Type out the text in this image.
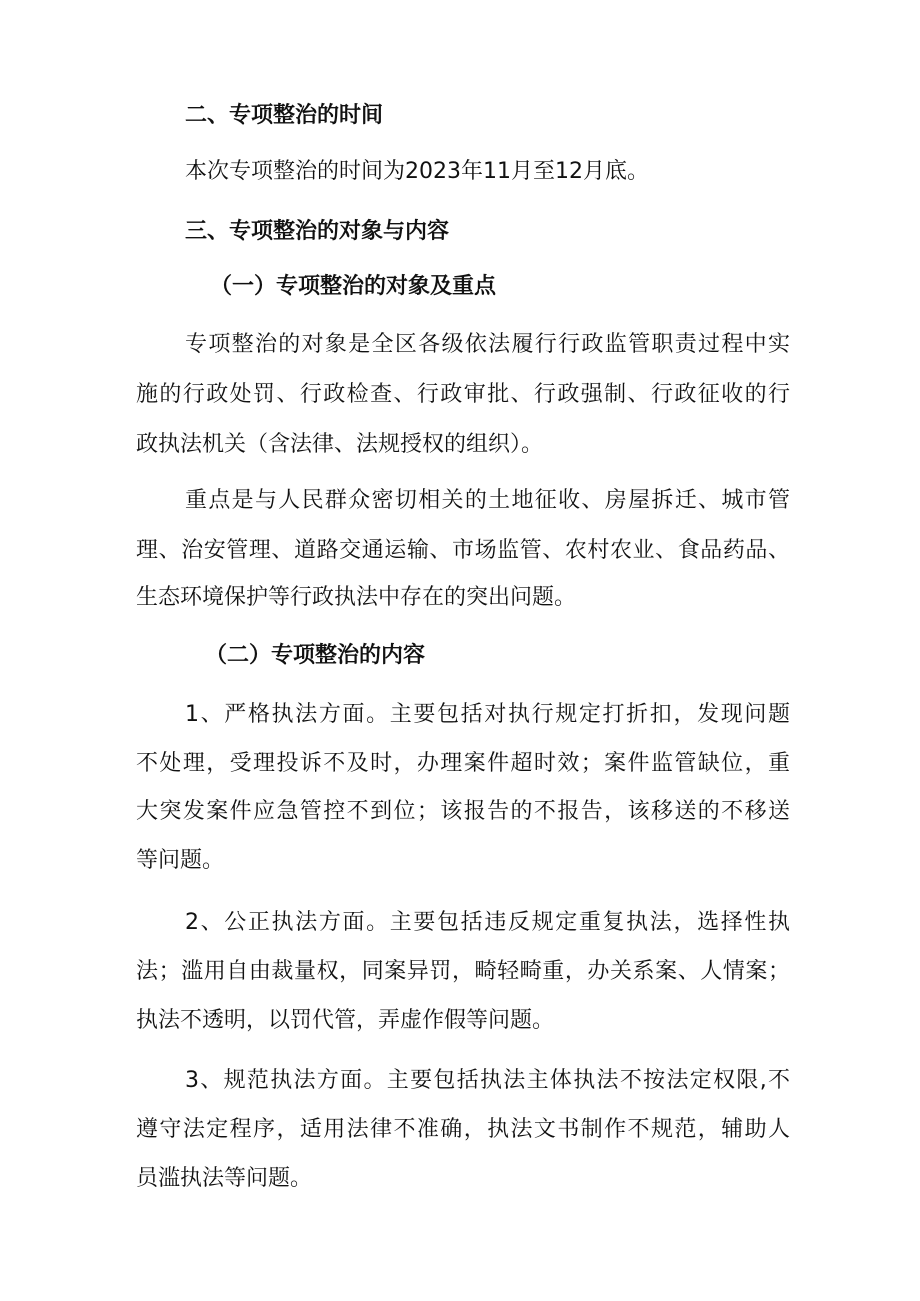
二、专项整治的时间
本次专项整治的时间为2023年11月至12月底。
三、专项整治的对象与内容
（一）专项整治的对象及重点
专项整治的对象是全区各级依法履行行政监管职责过程中实
施的行政处罚、行政检查、行政审批、行政强制、行政征收的行
政执法机关（含法律、法规授权的组织）。
重点是与人民群众密切相关的土地征收、房屋拆迁、城市管
理、治安管理、道路交通运输、市场监管、农村农业、食品药品、
生态环境保护等行政执法中存在的突出问题。
（二）专项整治的内容
1、严格执法方面。主要包括对执行规定打折扣，发现问题
不处理，受理投诉不及时，办理案件超时效；案件监管缺位，重
大突发案件应急管控不到位；该报告的不报告，该移送的不移送
等问题。
2、公正执法方面。主要包括违反规定重复执法，选择性执
法；滥用自由裁量权，同案异罚，畸轻畸重，办关系案、人情案；
执法不透明，以罚代管，弄虚作假等问题。
3、规范执法方面。主要包括执法主体执法不按法定权限,不
遵守法定程序，适用法律不准确，执法文书制作不规范，辅助人
员滥执法等问题。
